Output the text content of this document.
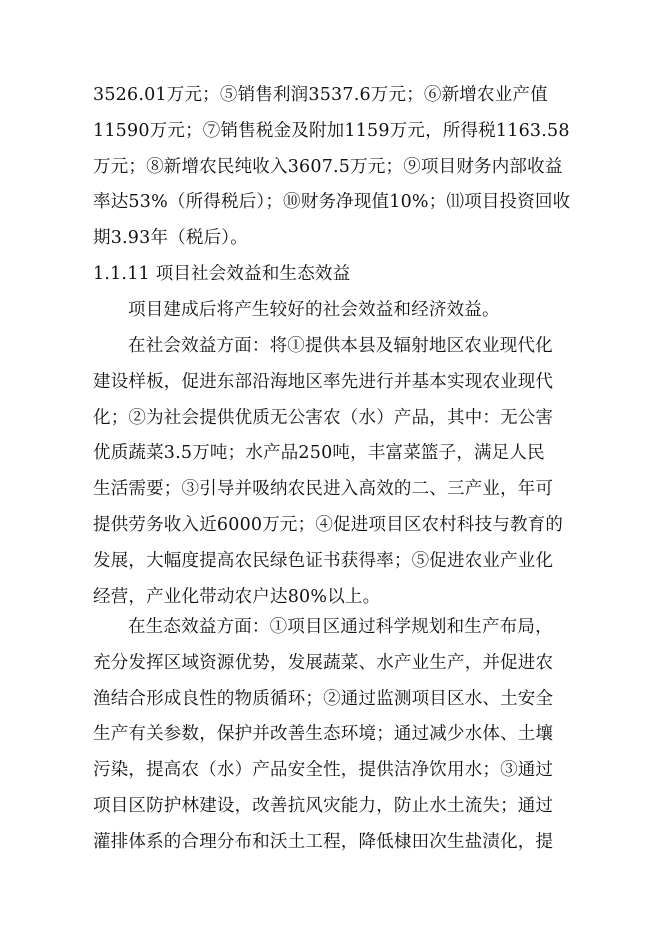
3526.01万元；⑤销售利润3537.6万元；⑥新增农业产值
11590万元；⑦销售税金及附加1159万元，所得税1163.58
万元；⑧新增农民纯收入3607.5万元；⑨项目财务内部收益
率达53%（所得税后）；⑩财务净现值10%；⑾项目投资回收
期3.93年（税后）。
1.1.11 项目社会效益和生态效益
项目建成后将产生较好的社会效益和经济效益。
在社会效益方面：将①提供本县及辐射地区农业现代化
建设样板，促进东部沿海地区率先进行并基本实现农业现代
化；②为社会提供优质无公害农（水）产品，其中：无公害
优质蔬菜3.5万吨；水产品250吨，丰富菜篮子，满足人民
生活需要；③引导并吸纳农民进入高效的二、三产业，年可
提供劳务收入近6000万元；④促进项目区农村科技与教育的
发展，大幅度提高农民绿色证书获得率；⑤促进农业产业化
经营，产业化带动农户达80%以上。
在生态效益方面：①项目区通过科学规划和生产布局，
充分发挥区域资源优势，发展蔬菜、水产业生产，并促进农
渔结合形成良性的物质循环；②通过监测项目区水、土安全
生产有关参数，保护并改善生态环境；通过减少水体、土壤
污染，提高农（水）产品安全性，提供洁净饮用水；③通过
项目区防护林建设，改善抗风灾能力，防止水土流失；通过
灌排体系的合理分布和沃土工程，降低棣田次生盐渍化，提
